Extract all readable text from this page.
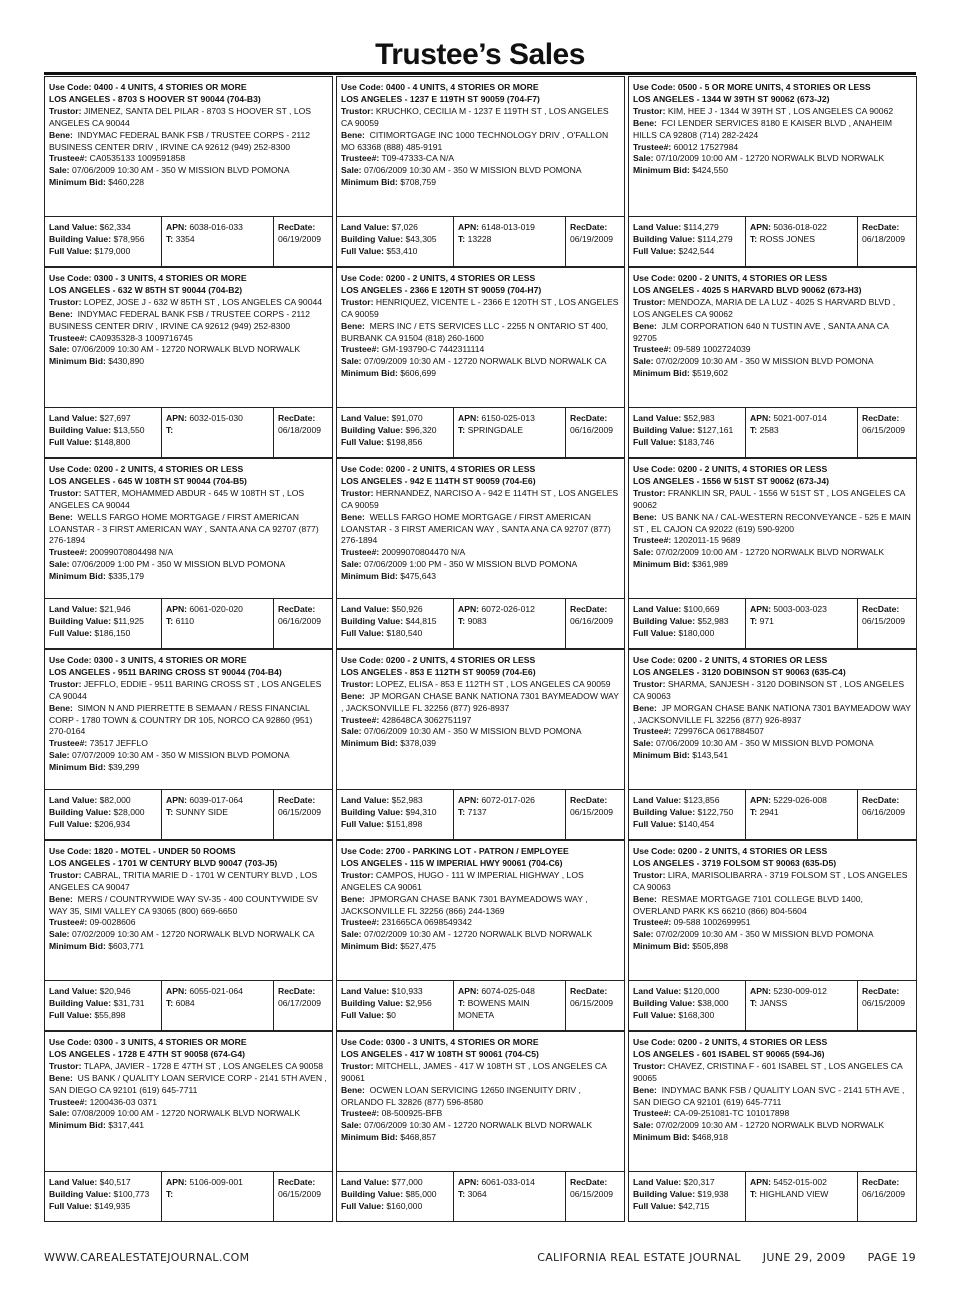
Trustee’s Sales
Use Code: 0400 - 4 UNITS, 4 STORIES OR MORE
LOS ANGELES - 8703 S HOOVER ST 90044 (704-B3)
Trustor: JIMENEZ, SANTA DEL PILAR - 8703 S HOOVER ST , LOS ANGELES CA 90044
Bene: INDYMAC FEDERAL BANK FSB / TRUSTEE CORPS - 2112 BUSINESS CENTER DRIV , IRVINE CA 92612 (949) 252-8300
Trustee#: CA0535133 1009591858
Sale: 07/06/2009 10:30 AM - 350 W MISSION BLVD POMONA
Minimum Bid: $460,228
Land Value: $62,334
Building Value: $78,956
Full Value: $179,000
APN: 6038-016-033
T: 3354
RecDate:
06/19/2009
Use Code: 0400 - 4 UNITS, 4 STORIES OR MORE
LOS ANGELES - 1237 E 119TH ST 90059 (704-F7)
Trustor: KRUCHKO, CECILIA M - 1237 E 119TH ST , LOS ANGELES CA 90059
Bene: CITIMORTGAGE INC 1000 TECHNOLOGY DRIV , O'FALLON MO 63368 (888) 485-9191
Trustee#: T09-47333-CA N/A
Sale: 07/06/2009 10:30 AM - 350 W MISSION BLVD POMONA
Minimum Bid: $708,759
Land Value: $7,026
Building Value: $43,305
Full Value: $53,410
APN: 6148-013-019
T: 13228
RecDate:
06/19/2009
Use Code: 0500 - 5 OR MORE UNITS, 4 STORIES OR LESS
LOS ANGELES - 1344 W 39TH ST 90062 (673-J2)
Trustor: KIM, HEE J - 1344 W 39TH ST , LOS ANGELES CA 90062
Bene: FCI LENDER SERVICES 8180 E KAISER BLVD , ANAHEIM HILLS CA 92808 (714) 282-2424
Trustee#: 60012 17527984
Sale: 07/10/2009 10:00 AM - 12720 NORWALK BLVD NORWALK
Minimum Bid: $424,550
Land Value: $114,279
Building Value: $114,279
Full Value: $242,544
APN: 5036-018-022
T: ROSS JONES
RecDate:
06/18/2009
Use Code: 0300 - 3 UNITS, 4 STORIES OR MORE
LOS ANGELES - 632 W 85TH ST 90044 (704-B2)
Trustor: LOPEZ, JOSE J - 632 W 85TH ST , LOS ANGELES CA 90044
Bene: INDYMAC FEDERAL BANK FSB / TRUSTEE CORPS - 2112 BUSINESS CENTER DRIV , IRVINE CA 92612 (949) 252-8300
Trustee#: CA0935328-3 1009716745
Sale: 07/06/2009 10:30 AM - 12720 NORWALK BLVD NORWALK
Minimum Bid: $430,890
Land Value: $27,697
Building Value: $13,550
Full Value: $148,800
APN: 6032-015-030
T:
RecDate:
06/18/2009
Use Code: 0200 - 2 UNITS, 4 STORIES OR LESS
LOS ANGELES - 2366 E 120TH ST 90059 (704-H7)
Trustor: HENRIQUEZ, VICENTE L - 2366 E 120TH ST , LOS ANGELES CA 90059
Bene: MERS INC / ETS SERVICES LLC - 2255 N ONTARIO ST 400, BURBANK CA 91504 (818) 260-1600
Trustee#: GM-193790-C 7442311114
Sale: 07/09/2009 10:30 AM - 12720 NORWALK BLVD NORWALK CA
Minimum Bid: $606,699
Land Value: $91,070
Building Value: $96,320
Full Value: $198,856
APN: 6150-025-013
T: SPRINGDALE
RecDate:
06/16/2009
Use Code: 0200 - 2 UNITS, 4 STORIES OR LESS
LOS ANGELES - 4025 S HARVARD BLVD 90062 (673-H3)
Trustor: MENDOZA, MARIA DE LA LUZ - 4025 S HARVARD BLVD , LOS ANGELES CA 90062
Bene: JLM CORPORATION 640 N TUSTIN AVE , SANTA ANA CA 92705
Trustee#: 09-589 1002724039
Sale: 07/02/2009 10:30 AM - 350 W MISSION BLVD POMONA
Minimum Bid: $519,602
Land Value: $52,983
Building Value: $127,161
Full Value: $183,746
APN: 5021-007-014
T: 2583
RecDate:
06/15/2009
Use Code: 0200 - 2 UNITS, 4 STORIES OR LESS
LOS ANGELES - 645 W 108TH ST 90044 (704-B5)
Trustor: SATTER, MOHAMMED ABDUR - 645 W 108TH ST , LOS ANGELES CA 90044
Bene: WELLS FARGO HOME MORTGAGE / FIRST AMERICAN LOANSTAR - 3 FIRST AMERICAN WAY , SANTA ANA CA 92707 (877) 276-1894
Trustee#: 20099070804498 N/A
Sale: 07/06/2009 1:00 PM - 350 W MISSION BLVD POMONA
Minimum Bid: $335,179
Land Value: $21,946
Building Value: $11,925
Full Value: $186,150
APN: 6061-020-020
T: 6110
RecDate:
06/16/2009
Use Code: 0200 - 2 UNITS, 4 STORIES OR LESS
LOS ANGELES - 942 E 114TH ST 90059 (704-E6)
Trustor: HERNANDEZ, NARCISO A - 942 E 114TH ST , LOS ANGELES CA 90059
Bene: WELLS FARGO HOME MORTGAGE / FIRST AMERICAN LOANSTAR - 3 FIRST AMERICAN WAY , SANTA ANA CA 92707 (877) 276-1894
Trustee#: 20099070804470 N/A
Sale: 07/06/2009 1:00 PM - 350 W MISSION BLVD POMONA
Minimum Bid: $475,643
Land Value: $50,926
Building Value: $44,815
Full Value: $180,540
APN: 6072-026-012
T: 9083
RecDate:
06/16/2009
Use Code: 0200 - 2 UNITS, 4 STORIES OR LESS
LOS ANGELES - 1556 W 51ST ST 90062 (673-J4)
Trustor: FRANKLIN SR, PAUL - 1556 W 51ST ST , LOS ANGELES CA 90062
Bene: US BANK NA / CAL-WESTERN RECONVEYANCE - 525 E MAIN ST , EL CAJON CA 92022 (619) 590-9200
Trustee#: 1202011-15 9689
Sale: 07/02/2009 10:00 AM - 12720 NORWALK BLVD NORWALK
Minimum Bid: $361,989
Land Value: $100,669
Building Value: $52,983
Full Value: $180,000
APN: 5003-003-023
T: 971
RecDate:
06/15/2009
Use Code: 0300 - 3 UNITS, 4 STORIES OR MORE
LOS ANGELES - 9511 BARING CROSS ST 90044 (704-B4)
Trustor: JEFFLO, EDDIE - 9511 BARING CROSS ST , LOS ANGELES CA 90044
Bene: SIMON N AND PIERRETTE B SEMAAN / RESS FINANCIAL CORP - 1780 TOWN & COUNTRY DR 105, NORCO CA 92860 (951) 270-0164
Trustee#: 73517 JEFFLO
Sale: 07/07/2009 10:30 AM - 350 W MISSION BLVD POMONA
Minimum Bid: $39,299
Land Value: $82,000
Building Value: $28,000
Full Value: $206,934
APN: 6039-017-064
T: SUNNY SIDE
RecDate:
06/15/2009
Use Code: 0200 - 2 UNITS, 4 STORIES OR LESS
LOS ANGELES - 853 E 112TH ST 90059 (704-E6)
Trustor: LOPEZ, ELISA - 853 E 112TH ST , LOS ANGELES CA 90059
Bene: JP MORGAN CHASE BANK NATIONA 7301 BAYMEADOW WAY , JACKSONVILLE FL 32256 (877) 926-8937
Trustee#: 428648CA 3062751197
Sale: 07/06/2009 10:30 AM - 350 W MISSION BLVD POMONA
Minimum Bid: $378,039
Land Value: $52,983
Building Value: $94,310
Full Value: $151,898
APN: 6072-017-026
T: 7137
RecDate:
06/15/2009
Use Code: 0200 - 2 UNITS, 4 STORIES OR LESS
LOS ANGELES - 3120 DOBINSON ST 90063 (635-C4)
Trustor: SHARMA, SANJESH - 3120 DOBINSON ST , LOS ANGELES CA 90063
Bene: JP MORGAN CHASE BANK NATIONA 7301 BAYMEADOW WAY , JACKSONVILLE FL 32256 (877) 926-8937
Trustee#: 729976CA 0617884507
Sale: 07/06/2009 10:30 AM - 350 W MISSION BLVD POMONA
Minimum Bid: $143,541
Land Value: $123,856
Building Value: $122,750
Full Value: $140,454
APN: 5229-026-008
T: 2941
RecDate:
06/16/2009
Use Code: 1820 - MOTEL - UNDER 50 ROOMS
LOS ANGELES - 1701 W CENTURY BLVD 90047 (703-J5)
Trustor: CABRAL, TRITIA MARIE D - 1701 W CENTURY BLVD , LOS ANGELES CA 90047
Bene: MERS / COUNTRYWIDE WAY SV-35 - 400 COUNTYWIDE SV WAY 35, SIMI VALLEY CA 93065 (800) 669-6650
Trustee#: 09-0028606
Sale: 07/02/2009 10:30 AM - 12720 NORWALK BLVD NORWALK CA
Minimum Bid: $603,771
Land Value: $20,946
Building Value: $31,731
Full Value: $55,898
APN: 6055-021-064
T: 6084
RecDate:
06/17/2009
Use Code: 2700 - PARKING LOT - PATRON / EMPLOYEE
LOS ANGELES - 115 W IMPERIAL HWY 90061 (704-C6)
Trustor: CAMPOS, HUGO - 111 W IMPERIAL HIGHWAY , LOS ANGELES CA 90061
Bene: JPMORGAN CHASE BANK 7301 BAYMEADOWS WAY , JACKSONVILLE FL 32256 (866) 244-1369
Trustee#: 231665CA 0698549342
Sale: 07/02/2009 10:30 AM - 12720 NORWALK BLVD NORWALK
Minimum Bid: $527,475
Land Value: $10,933
Building Value: $2,956
Full Value: $0
APN: 6074-025-048
T: BOWENS MAIN MONETA
RecDate:
06/15/2009
Use Code: 0200 - 2 UNITS, 4 STORIES OR LESS
LOS ANGELES - 3719 FOLSOM ST 90063 (635-D5)
Trustor: LIRA, MARISOLIBARRA - 3719 FOLSOM ST , LOS ANGELES CA 90063
Bene: RESMAE MORTGAGE 7101 COLLEGE BLVD 1400, OVERLAND PARK KS 66210 (866) 804-5604
Trustee#: 09-588 1002699951
Sale: 07/02/2009 10:30 AM - 350 W MISSION BLVD POMONA
Minimum Bid: $505,898
Land Value: $120,000
Building Value: $38,000
Full Value: $168,300
APN: 5230-009-012
T: JANSS
RecDate:
06/15/2009
Use Code: 0300 - 3 UNITS, 4 STORIES OR MORE
LOS ANGELES - 1728 E 47TH ST 90058 (674-G4)
Trustor: TLAPA, JAVIER - 1728 E 47TH ST , LOS ANGELES CA 90058
Bene: US BANK / QUALITY LOAN SERVICE CORP - 2141 5TH AVEN , SAN DIEGO CA 92101 (619) 645-7711
Trustee#: 1200436-03 0371
Sale: 07/08/2009 10:00 AM - 12720 NORWALK BLVD NORWALK
Minimum Bid: $317,441
Land Value: $40,517
Building Value: $100,773
Full Value: $149,935
APN: 5106-009-001
T:
RecDate:
06/15/2009
Use Code: 0300 - 3 UNITS, 4 STORIES OR MORE
LOS ANGELES - 417 W 108TH ST 90061 (704-C5)
Trustor: MITCHELL, JAMES - 417 W 108TH ST , LOS ANGELES CA 90061
Bene: OCWEN LOAN SERVICING 12650 INGENUITY DRIV , ORLANDO FL 32826 (877) 596-8580
Trustee#: 08-500925-BFB
Sale: 07/06/2009 10:30 AM - 12720 NORWALK BLVD NORWALK
Minimum Bid: $468,857
Land Value: $77,000
Building Value: $85,000
Full Value: $160,000
APN: 6061-033-014
T: 3064
RecDate:
06/15/2009
Use Code: 0200 - 2 UNITS, 4 STORIES OR LESS
LOS ANGELES - 601 ISABEL ST 90065 (594-J6)
Trustor: CHAVEZ, CRISTINA F - 601 ISABEL ST , LOS ANGELES CA 90065
Bene: INDYMAC BANK FSB / QUALITY LOAN SVC - 2141 5TH AVE , SAN DIEGO CA 92101 (619) 645-7711
Trustee#: CA-09-251081-TC 101017898
Sale: 07/02/2009 10:30 AM - 12720 NORWALK BLVD NORWALK
Minimum Bid: $468,918
Land Value: $20,317
Building Value: $19,938
Full Value: $42,715
APN: 5452-015-002
T: HIGHLAND VIEW
RecDate:
06/16/2009
WWW.CAREALESTATEJOURNAL.COM	CALIFORNIA REAL ESTATE JOURNAL JUNE 29, 2009 PAGE 19
